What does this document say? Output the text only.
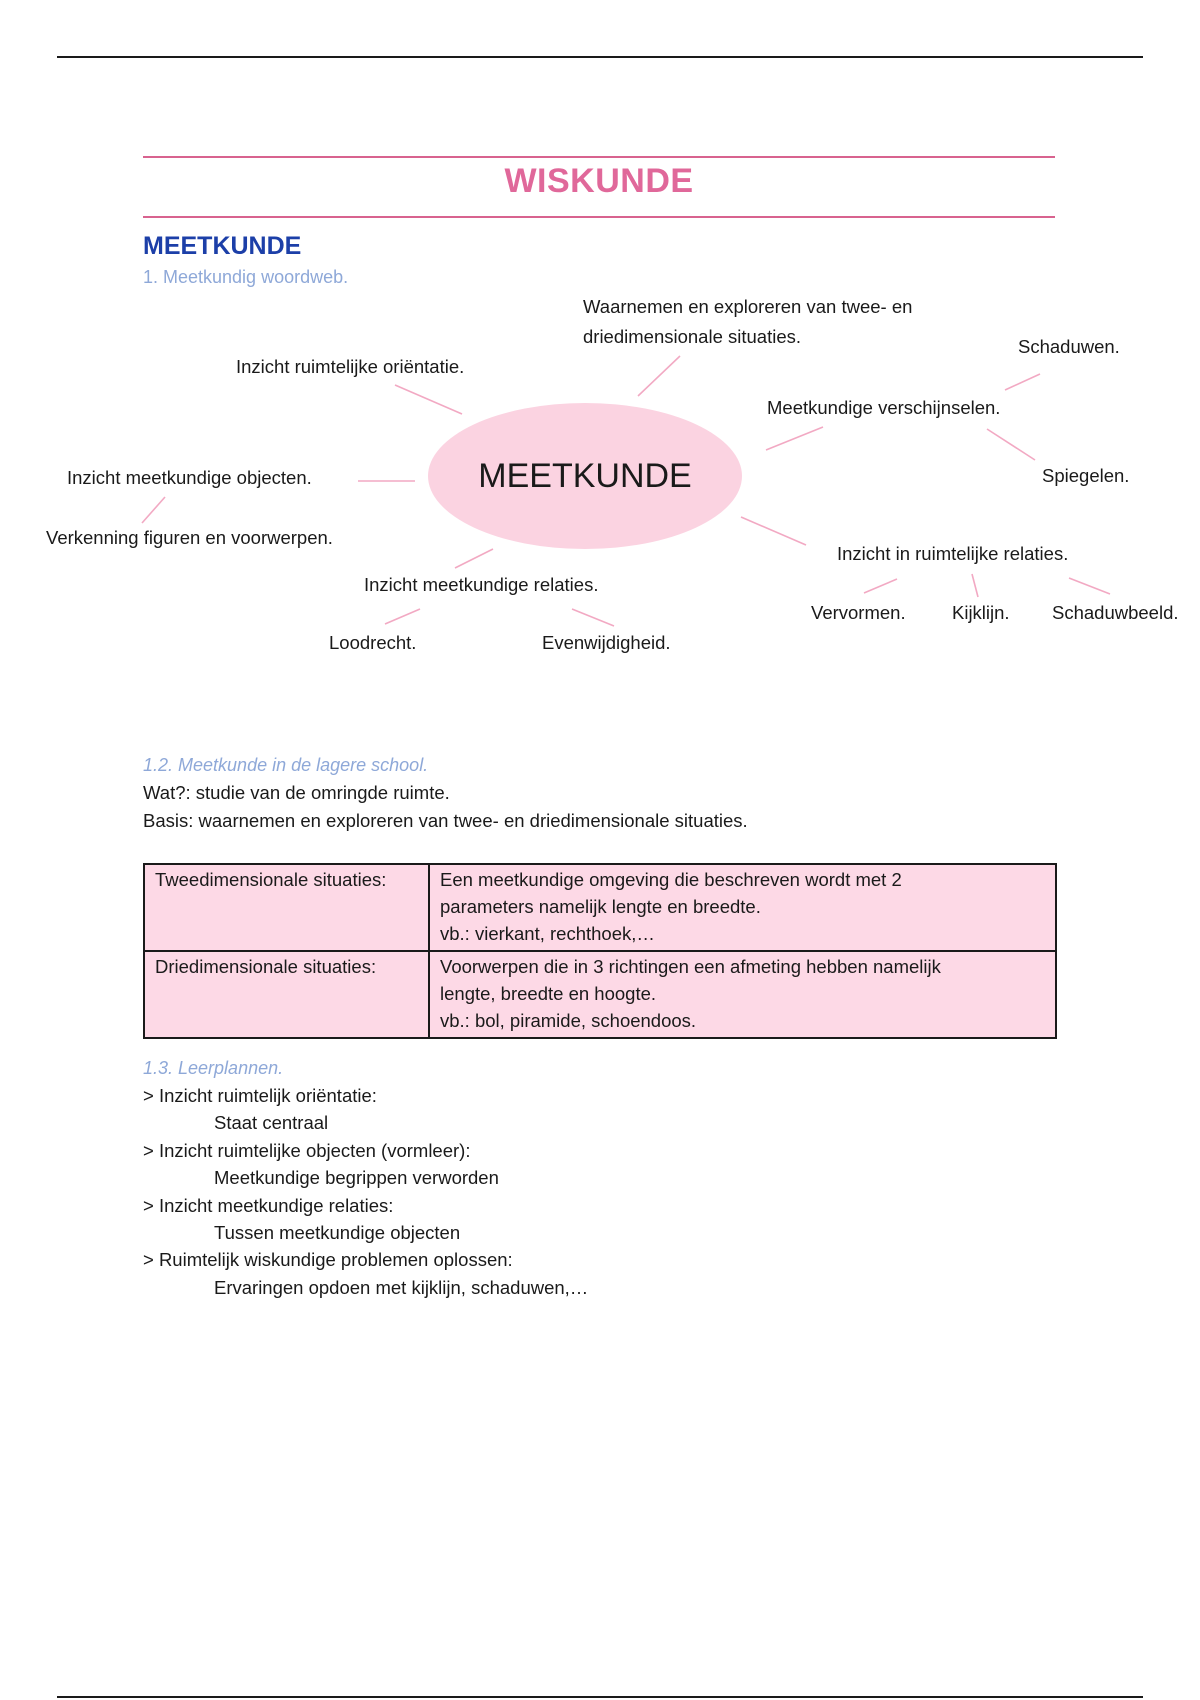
WISKUNDE
MEETKUNDE
1. Meetkundig woordweb.
MEETKUNDE
Waarnemen en exploreren van twee- en
driedimensionale situaties.	Schaduwen.
Inzicht ruimtelijke oriëntatie.
Meetkundige verschijnselen.
Inzicht meetkundige objecten.	Spiegelen.
Verkenning figuren en voorwerpen.
Inzicht in ruimtelijke relaties.
Inzicht meetkundige relaties.
Vervormen.	Kijklijn. Schaduwbeeld.
Loodrecht.	Evenwijdigheid.
1.2. Meetkunde in de lagere school.
Wat?: studie van de omringde ruimte.
Basis: waarnemen en exploreren van twee- en driedimensionale situaties.
Tweedimensionale situaties:	Een meetkundige omgeving die beschreven wordt met 2
parameters namelijk lengte en breedte.
vb.: vierkant, rechthoek,…

Driedimensionale situaties:	Voorwerpen die in 3 richtingen een afmeting hebben namelijk
lengte, breedte en hoogte.
vb.: bol, piramide, schoendoos.
1.3. Leerplannen.
> Inzicht ruimtelijk oriëntatie:
Staat centraal
> Inzicht ruimtelijke objecten (vormleer):
Meetkundige begrippen verworden
> Inzicht meetkundige relaties:
Tussen meetkundige objecten
> Ruimtelijk wiskundige problemen oplossen:
Ervaringen opdoen met kijklijn, schaduwen,…
